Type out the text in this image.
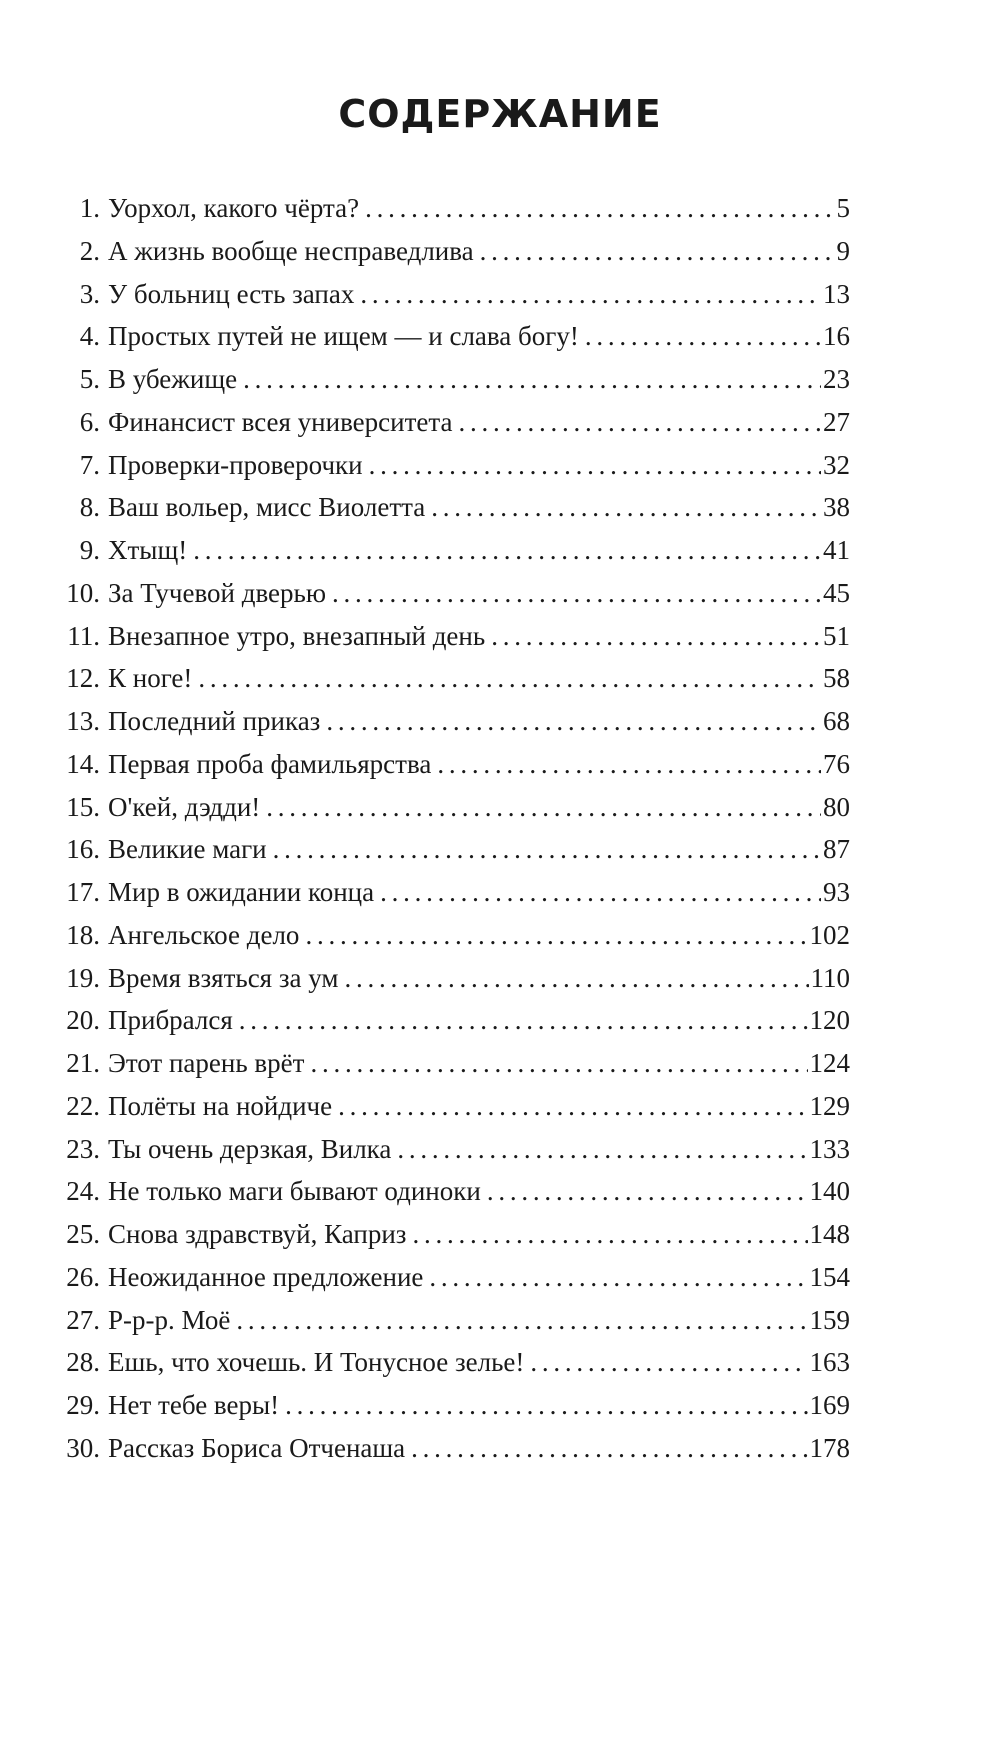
СОДЕРЖАНИЕ
1. Уорхол, какого чёрта? . . .	5
2. А жизнь вообще несправедлива . . .	9
3. У больниц есть запах . . .	13
4. Простых путей не ищем — и слава богу! . . .	16
5. В убежище . . .	23
6. Финансист всея университета . . .	27
7. Проверки-проверочки . . .	32
8. Ваш вольер, мисс Виолетта . . .	38
9. Хтыщ! . . .	41
10. За Тучевой дверью . . .	45
11. Внезапное утро, внезапный день . . .	51
12. К ноге! . . .	58
13. Последний приказ . . .	68
14. Первая проба фамильярства . . .	76
15. О'кей, дэдди! . . .	80
16. Великие маги . . .	87
17. Мир в ожидании конца . . .	93
18. Ангельское дело . . .	102
19. Время взяться за ум . . .	110
20. Прибрался . . .	120
21. Этот парень врёт . . .	124
22. Полёты на нойдиче . . .	129
23. Ты очень дерзкая, Вилка . . .	133
24. Не только маги бывают одиноки . . .	140
25. Снова здравствуй, Каприз . . .	148
26. Неожиданное предложение . . .	154
27. Р-р-р. Моё . . .	159
28. Ешь, что хочешь. И Тонусное зелье! . . .	163
29. Нет тебе веры! . . .	169
30. Рассказ Бориса Отченаша . . .	178
